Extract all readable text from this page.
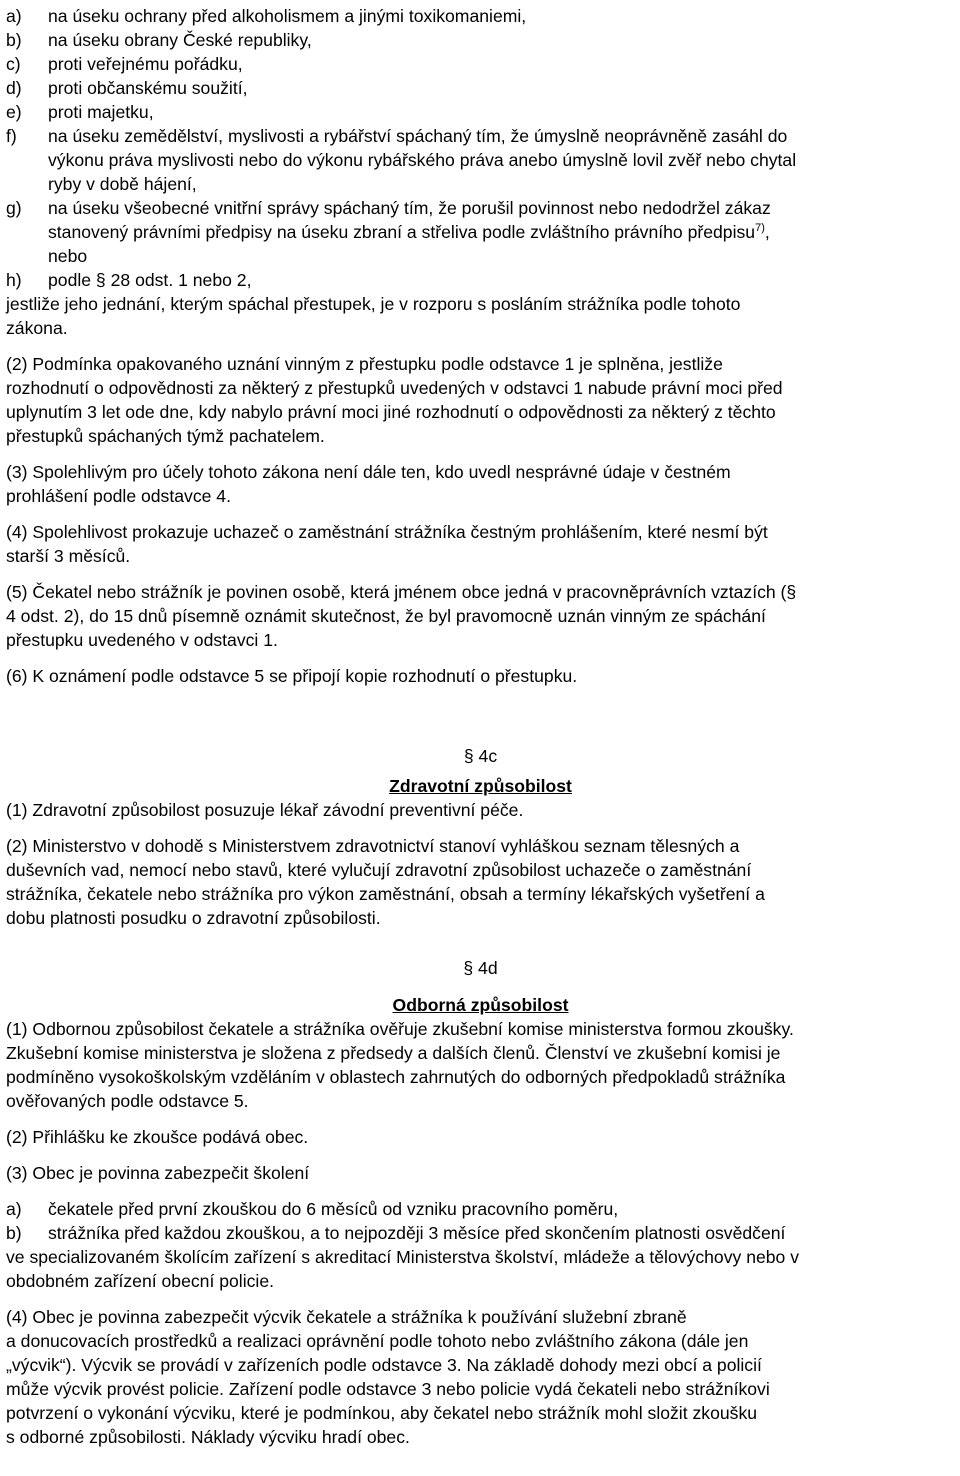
a) na úseku ochrany před alkoholismem a jinými toxikomaniemi,
b) na úseku obrany České republiky,
c) proti veřejnému pořádku,
d) proti občanskému soužití,
e) proti majetku,
f) na úseku zemědělství, myslivosti a rybářství spáchaný tím, že úmyslně neoprávněně zasáhl do
výkonu práva myslivosti nebo do výkonu rybářského práva anebo úmyslně lovil zvěř nebo chytal
ryby v době hájení,
g) na úseku všeobecné vnitřní správy spáchaný tím, že porušil povinnost nebo nedodržel zákaz
stanovený právními předpisy na úseku zbraní a střeliva podle zvláštního právního předpisu$^{7)}$,
nebo
h) podle § 28 odst. 1 nebo 2,
jestliže jeho jednání, kterým spáchal přestupek, je v rozporu s posláním strážníka podle tohoto
zákona.
(2) Podmínka opakovaného uznání vinným z přestupku podle odstavce 1 je splněna, jestliže
rozhodnutí o odpovědnosti za některý z přestupků uvedených v odstavci 1 nabude právní moci před
uplynutím 3 let ode dne, kdy nabylo právní moci jiné rozhodnutí o odpovědnosti za některý z těchto
přestupků spáchaných týmž pachatelem.
(3) Spolehlivým pro účely tohoto zákona není dále ten, kdo uvedl nesprávné údaje v čestném
prohlášení podle odstavce 4.
(4) Spolehlivost prokazuje uchazeč o zaměstnání strážníka čestným prohlášením, které nesmí být
starší 3 měsíců.
(5) Čekatel nebo strážník je povinen osobě, která jménem obce jedná v pracovněprávních vztazích (§
4 odst. 2), do 15 dnů písemně oznámit skutečnost, že byl pravomocně uznán vinným ze spáchání
přestupku uvedeného v odstavci 1.
(6) K oznámení podle odstavce 5 se připojí kopie rozhodnutí o přestupku.
§ 4c
Zdravotní způsobilost
(1) Zdravotní způsobilost posuzuje lékař závodní preventivní péče.
(2) Ministerstvo v dohodě s Ministerstvem zdravotnictví stanoví vyhláškou seznam tělesných a
duševních vad, nemocí nebo stavů, které vylučují zdravotní způsobilost uchazeče o zaměstnání
strážníka, čekatele nebo strážníka pro výkon zaměstnání, obsah a termíny lékařských vyšetření a
dobu platnosti posudku o zdravotní způsobilosti.
§ 4d
Odborná způsobilost
(1) Odbornou způsobilost čekatele a strážníka ověřuje zkušební komise ministerstva formou zkoušky.
Zkušební komise ministerstva je složena z předsedy a dalších členů. Členství ve zkušební komisi je
podmíněno vysokoškolským vzděláním v oblastech zahrnutých do odborných předpokladů strážníka
ověřovaných podle odstavce 5.
(2) Přihlášku ke zkoušce podává obec.
(3) Obec je povinna zabezpečit školení
a) čekatele před první zkouškou do 6 měsíců od vzniku pracovního poměru,
b) strážníka před každou zkouškou, a to nejpozději 3 měsíce před skončením platnosti osvědčení
ve specializovaném školícím zařízení s akreditací Ministerstva školství, mládeže a tělovýchovy nebo v
obdobném zařízení obecní policie.
(4) Obec je povinna zabezpečit výcvik čekatele a strážníka k používání služební zbraně
a donucovacích prostředků a realizaci oprávnění podle tohoto nebo zvláštního zákona (dále jen
„výcvik“). Výcvik se provádí v zařízeních podle odstavce 3. Na základě dohody mezi obcí a policií
může výcvik provést policie. Zařízení podle odstavce 3 nebo policie vydá čekateli nebo strážníkovi
potvrzení o vykonání výcviku, které je podmínkou, aby čekatel nebo strážník mohl složit zkoušku
s odborné způsobilosti. Náklady výcviku hradí obec.
